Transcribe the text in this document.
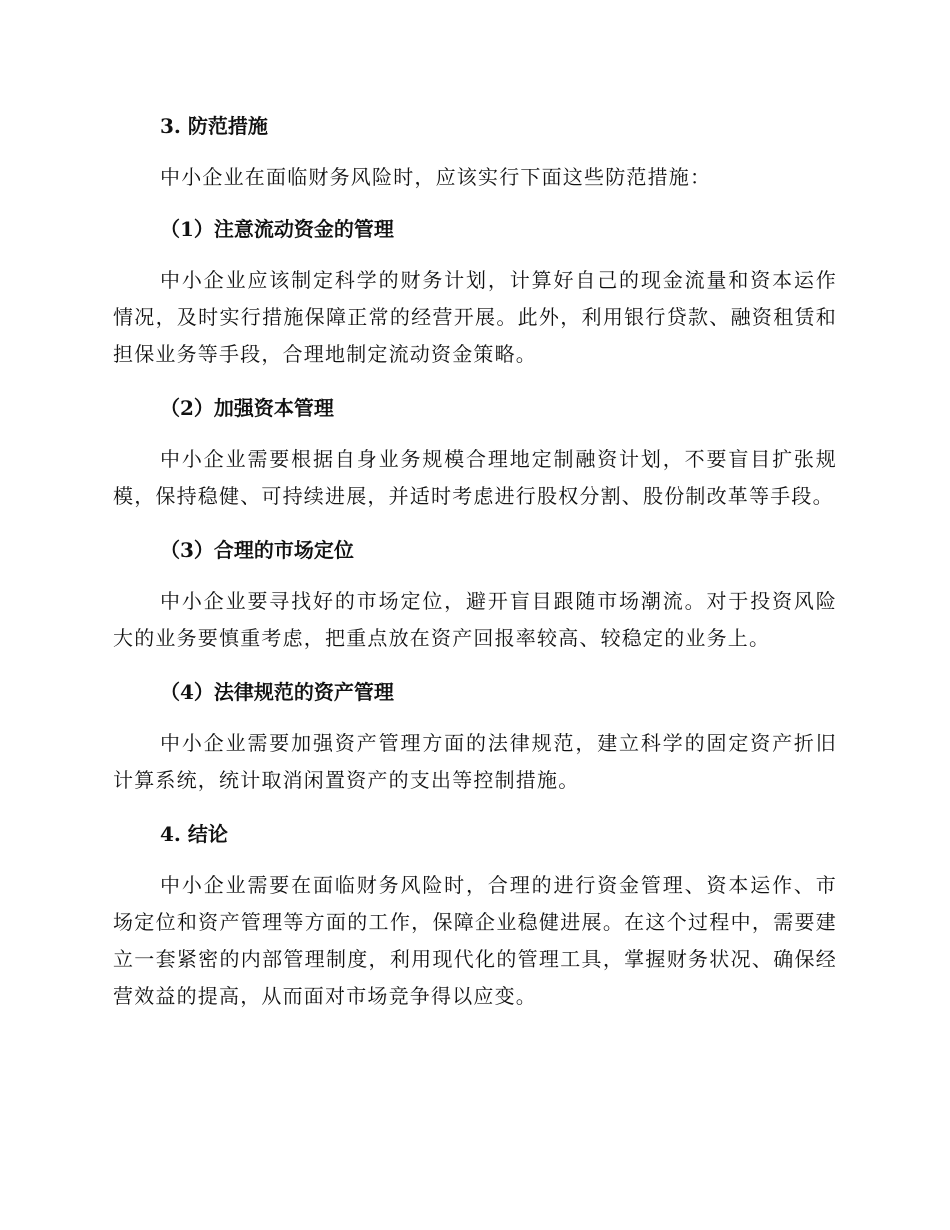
3. 防范措施

中小企业在面临财务风险时，应该实行下面这些防范措施：

（1）注意流动资金的管理

中小企业应该制定科学的财务计划，计算好自己的现金流量和资本运作情况，及时实行措施保障正常的经营开展。此外，利用银行贷款、融资租赁和担保业务等手段，合理地制定流动资金策略。

（2）加强资本管理

中小企业需要根据自身业务规模合理地定制融资计划，不要盲目扩张规模，保持稳健、可持续进展，并适时考虑进行股权分割、股份制改革等手段。

（3）合理的市场定位

中小企业要寻找好的市场定位，避开盲目跟随市场潮流。对于投资风险大的业务要慎重考虑，把重点放在资产回报率较高、较稳定的业务上。

（4）法律规范的资产管理

中小企业需要加强资产管理方面的法律规范，建立科学的固定资产折旧计算系统，统计取消闲置资产的支出等控制措施。

4. 结论

中小企业需要在面临财务风险时，合理的进行资金管理、资本运作、市场定位和资产管理等方面的工作，保障企业稳健进展。在这个过程中，需要建立一套紧密的内部管理制度，利用现代化的管理工具，掌握财务状况、确保经营效益的提高，从而面对市场竞争得以应变。
